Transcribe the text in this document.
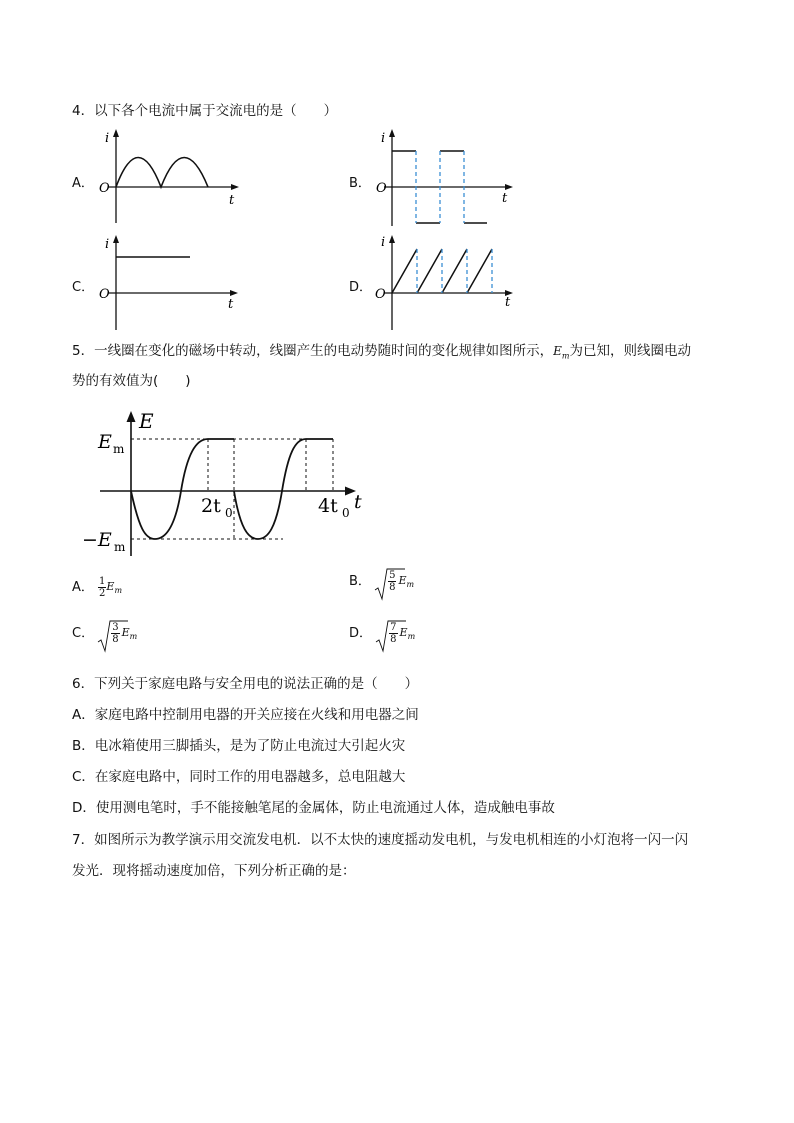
4．以下各个电流中属于交流电的是（　　）
A．
i
O
t
B．
i
O
t
C．
i
O
t
D．
i
O
t
5．一线圈在变化的磁场中转动，线圈产生的电动势随时间的变化规律如图所示，$E_m$为已知，则线圈电动
势的有效值为(　　)
E
E m
−E m
2t 0	4t 0 t
A． $\frac{1}{2} E_m$
B． $\frac{5}{8} E_m$
C． $\frac{3}{8} E_m$	D． $\frac{7}{8} E_m$
6．下列关于家庭电路与安全用电的说法正确的是（　　）
A．家庭电路中控制用电器的开关应接在火线和用电器之间
B．电冰箱使用三脚插头，是为了防止电流过大引起火灾
C．在家庭电路中，同时工作的用电器越多，总电阻越大
D．使用测电笔时，手不能接触笔尾的金属体，防止电流通过人体，造成触电事故
7．如图所示为教学演示用交流发电机．以不太快的速度摇动发电机，与发电机相连的小灯泡将一闪一闪
发光．现将摇动速度加倍，下列分析正确的是：
